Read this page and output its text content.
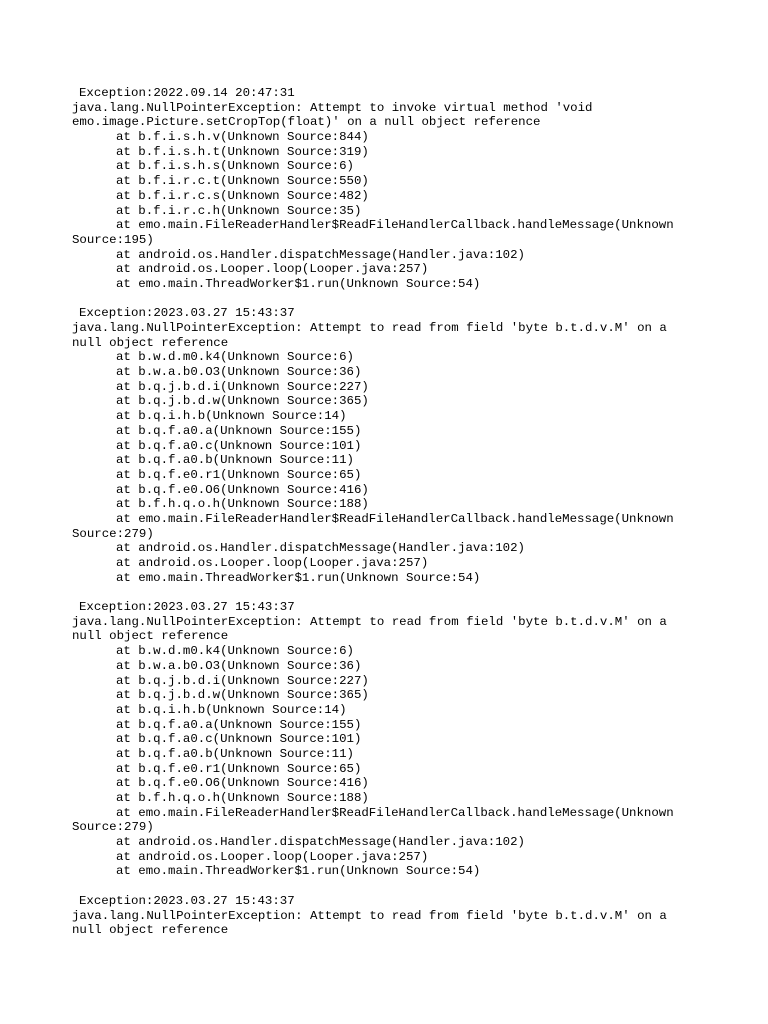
Exception:2022.09.14 20:47:31
java.lang.NullPointerException: Attempt to invoke virtual method 'void
emo.image.Picture.setCropTop(float)' on a null object reference
at b.f.i.s.h.v(Unknown Source:844)
at b.f.i.s.h.t(Unknown Source:319)
at b.f.i.s.h.s(Unknown Source:6)
at b.f.i.r.c.t(Unknown Source:550)
at b.f.i.r.c.s(Unknown Source:482)
at b.f.i.r.c.h(Unknown Source:35)
at emo.main.FileReaderHandler$ReadFileHandlerCallback.handleMessage(Unknown
Source:195)
at android.os.Handler.dispatchMessage(Handler.java:102)
at android.os.Looper.loop(Looper.java:257)
at emo.main.ThreadWorker$1.run(Unknown Source:54)
Exception:2023.03.27 15:43:37
java.lang.NullPointerException: Attempt to read from field 'byte b.t.d.v.M' on a
null object reference
at b.w.d.m0.k4(Unknown Source:6)
at b.w.a.b0.O3(Unknown Source:36)
at b.q.j.b.d.i(Unknown Source:227)
at b.q.j.b.d.w(Unknown Source:365)
at b.q.i.h.b(Unknown Source:14)
at b.q.f.a0.a(Unknown Source:155)
at b.q.f.a0.c(Unknown Source:101)
at b.q.f.a0.b(Unknown Source:11)
at b.q.f.e0.r1(Unknown Source:65)
at b.q.f.e0.O6(Unknown Source:416)
at b.f.h.q.o.h(Unknown Source:188)
at emo.main.FileReaderHandler$ReadFileHandlerCallback.handleMessage(Unknown
Source:279)
at android.os.Handler.dispatchMessage(Handler.java:102)
at android.os.Looper.loop(Looper.java:257)
at emo.main.ThreadWorker$1.run(Unknown Source:54)
Exception:2023.03.27 15:43:37
java.lang.NullPointerException: Attempt to read from field 'byte b.t.d.v.M' on a
null object reference
at b.w.d.m0.k4(Unknown Source:6)
at b.w.a.b0.O3(Unknown Source:36)
at b.q.j.b.d.i(Unknown Source:227)
at b.q.j.b.d.w(Unknown Source:365)
at b.q.i.h.b(Unknown Source:14)
at b.q.f.a0.a(Unknown Source:155)
at b.q.f.a0.c(Unknown Source:101)
at b.q.f.a0.b(Unknown Source:11)
at b.q.f.e0.r1(Unknown Source:65)
at b.q.f.e0.O6(Unknown Source:416)
at b.f.h.q.o.h(Unknown Source:188)
at emo.main.FileReaderHandler$ReadFileHandlerCallback.handleMessage(Unknown
Source:279)
at android.os.Handler.dispatchMessage(Handler.java:102)
at android.os.Looper.loop(Looper.java:257)
at emo.main.ThreadWorker$1.run(Unknown Source:54)
Exception:2023.03.27 15:43:37
java.lang.NullPointerException: Attempt to read from field 'byte b.t.d.v.M' on a
null object reference
